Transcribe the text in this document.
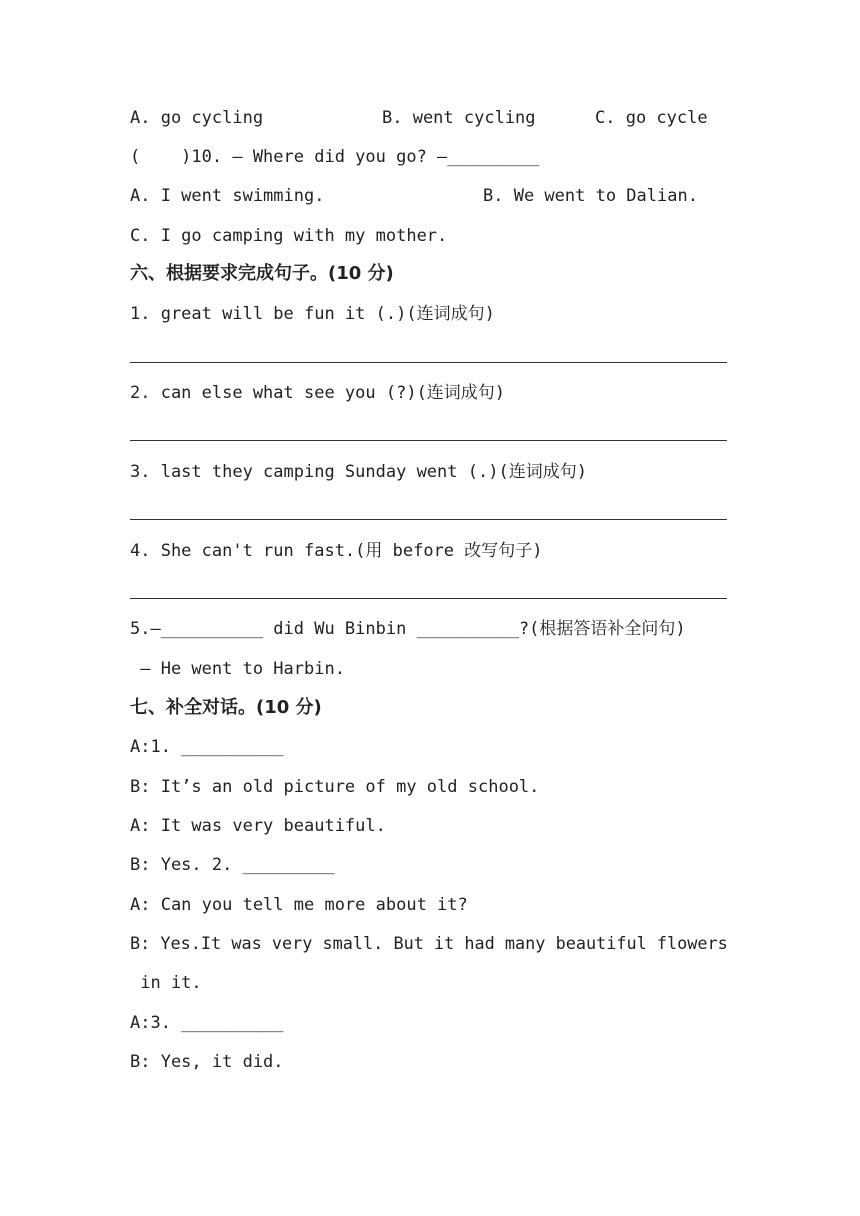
A. go cycling	B. went cycling	C. go cycle
(    )10. — Where did you go? —_________
A. I went swimming.	B. We went to Dalian.
C. I go camping with my mother.
六、根据要求完成句子。(10 分)
1. great will be fun it (.)(连词成句)
2. can else what see you (?)(连词成句)
3. last they camping Sunday went (.)(连词成句)
4. She can't run fast.(用 before 改写句子)
5.—__________ did Wu Binbin __________?(根据答语补全问句)
— He went to Harbin.
七、补全对话。(10 分)
A:1. __________
B: It’s an old picture of my old school.
A: It was very beautiful.
B: Yes. 2. _________
A: Can you tell me more about it?
B: Yes.It was very small. But it had many beautiful flowers
in it.
A:3. __________
B: Yes, it did.
